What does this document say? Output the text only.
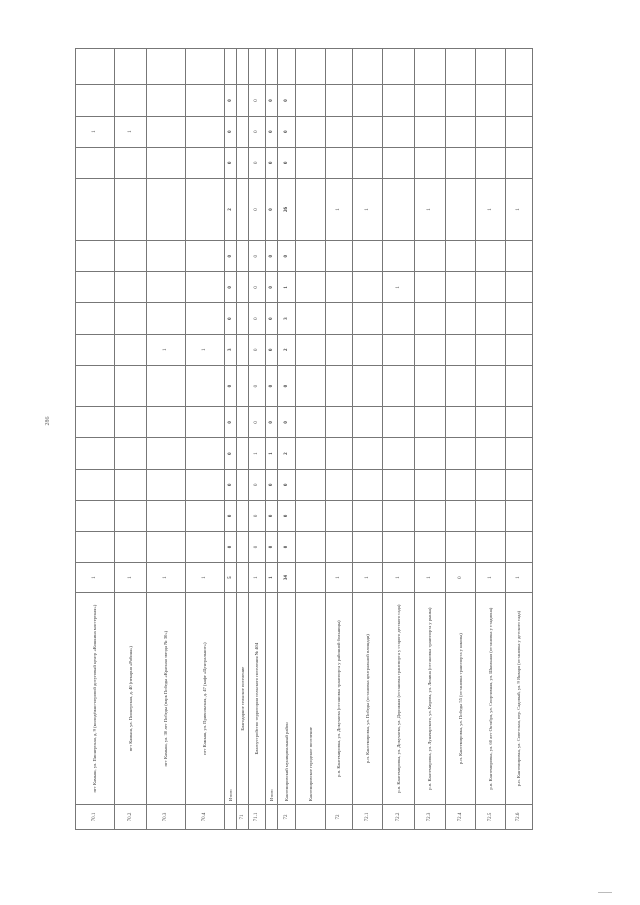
286
70.1	пгт Камыш, ул. Пионерская, д. 9 (молодёжно-игровой досуговый центр «Кошкина мастерская»)	1													1		
70.2	пгт Камыш, ул. Пионерская, д. 40 (пекарня «Рябина»)	1													1		
70.3	пгт Камыш, ул. 30 лет Победы (парк Победы «Красная звезда № 30»)	1							1								
70.4	пгт Камыш, ул. Привольская, д. 47 (кафе «Центральное»)	1							1								
	Итого	5	0	0	0	0	0	0	3	0	0	0	2	0	0	0	
71	Благодарное сельское поселение																
71.1	Благоустройство территории сельского поселения № 404	1	0	0	0	1	0	0	0	0	0	0	0	0	0	0	
	Итого	1	0	0	0	1	0	0	0	0	0	0	0	0	0	0	
72	Кантемировский муниципальный район	34	0	0	0	2	0	0	2	3	1	0	26	0	0	0	
	Кантемировское городское поселение																
72	р.п. Кантемировка, ул. Докучаева (остановка транспорта у районной больницы)	1											1				
72.1	р.п. Кантемировка, ул. Победы (остановка центральной площади)	1											1				
72.2	р.п. Кантемировка, ул. Докучаева, ул. Дорожная (остановка транспорта у старого детского сада)	1									1						
72.3	р.п. Кантемировка, ул. Луначарского, ул. Кирова, ул. Ленина (остановка транспорта у рынка)	1											1				
72.4	р.п. Кантемировка, ул. Победы 55 (остановка транспорта у школы)	0															
72.5	р.п. Кантемировка, ул. 60 лет Октября, ул. Спортивная, ул. Школьная (остановка у стадиона)	1											1				
72.6	р.п. Кантемировка, ул. Советская, пер. Садовый, ул. 9 Января (остановка у детского сада)	1											1				
